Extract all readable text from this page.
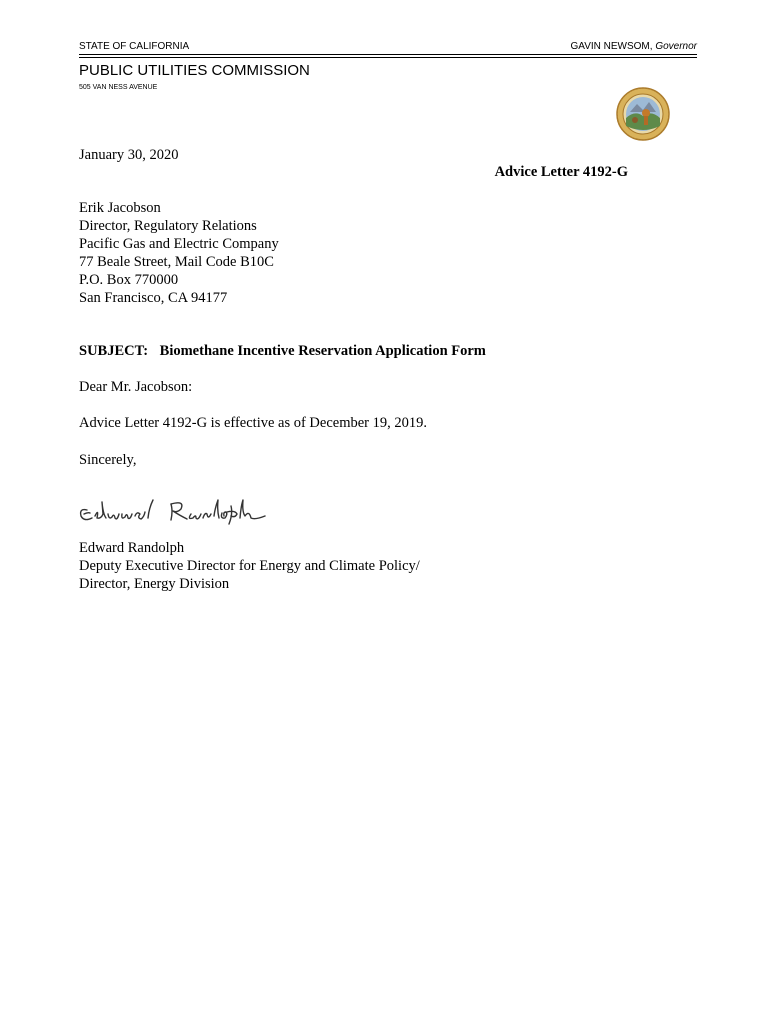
STATE OF CALIFORNIA	GAVIN NEWSOM, Governor
PUBLIC UTILITIES COMMISSION
505 VAN NESS AVENUE
January 30, 2020
Advice Letter 4192-G
Erik Jacobson
Director, Regulatory Relations
Pacific Gas and Electric Company
77 Beale Street, Mail Code B10C
P.O. Box 770000
San Francisco, CA 94177
SUBJECT: Biomethane Incentive Reservation Application Form
Dear Mr. Jacobson:
Advice Letter 4192-G is effective as of December 19, 2019.
Sincerely,
Edward Randolph
Deputy Executive Director for Energy and Climate Policy/
Director, Energy Division
